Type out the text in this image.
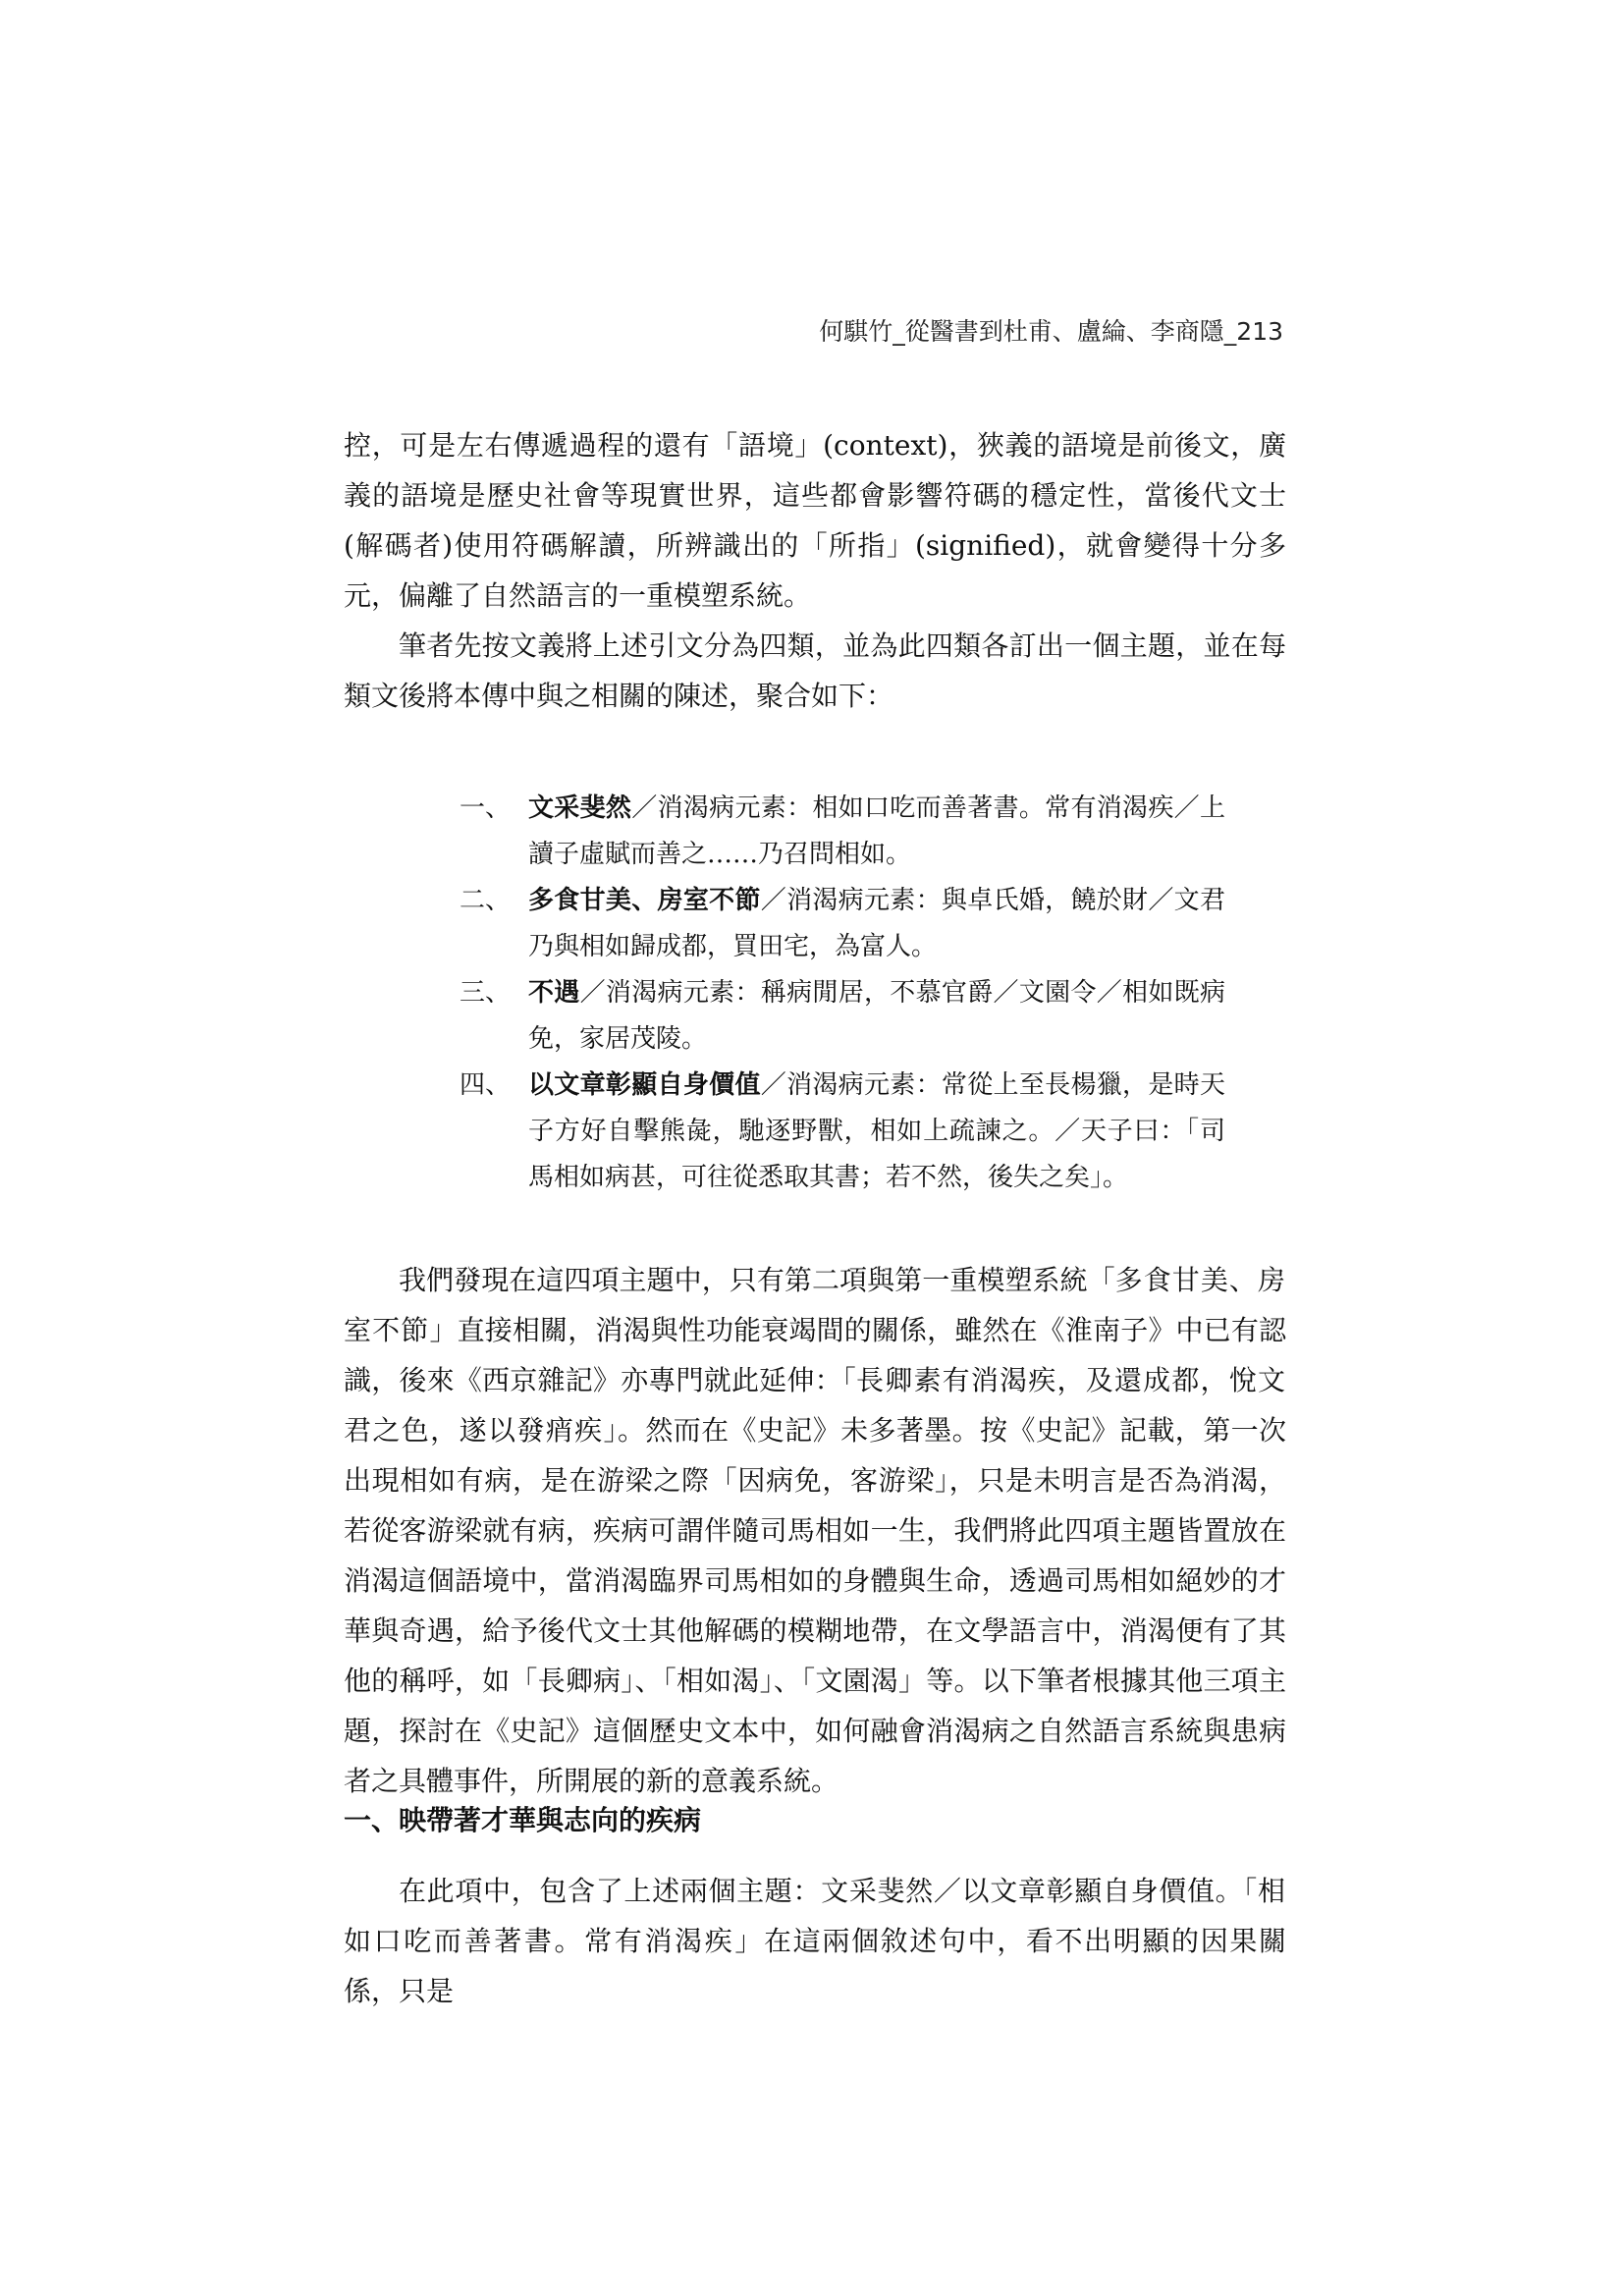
何騏竹_從醫書到杜甫、盧綸、李商隱_213

控，可是左右傳遞過程的還有「語境」(context)，狹義的語境是前後文，廣義的語境是歷史社會等現實世界，這些都會影響符碼的穩定性，當後代文士(解碼者)使用符碼解讀，所辨識出的「所指」(signified)，就會變得十分多元，偏離了自然語言的一重模塑系統。

筆者先按文義將上述引文分為四類，並為此四類各訂出一個主題，並在每類文後將本傳中與之相關的陳述，聚合如下：

一、 文采斐然／消渴病元素：相如口吃而善著書。常有消渴疾／上讀子虛賦而善之……乃召問相如。
二、 多食甘美、房室不節／消渴病元素：與卓氏婚，饒於財／文君乃與相如歸成都，買田宅，為富人。
三、 不遇／消渴病元素：稱病閒居，不慕官爵／文園令／相如既病免，家居茂陵。
四、 以文章彰顯自身價值／消渴病元素：常從上至長楊獵，是時天子方好自擊熊彘，馳逐野獸，相如上疏諫之。／天子曰：「司馬相如病甚，可往從悉取其書；若不然，後失之矣」。

我們發現在這四項主題中，只有第二項與第一重模塑系統「多食甘美、房室不節」直接相關，消渴與性功能衰竭間的關係，雖然在《淮南子》中已有認識，後來《西京雜記》亦專門就此延伸：「長卿素有消渴疾，及還成都，悅文君之色，遂以發痟疾」。然而在《史記》未多著墨。按《史記》記載，第一次出現相如有病，是在游梁之際「因病免，客游梁」，只是未明言是否為消渴，若從客游梁就有病，疾病可謂伴隨司馬相如一生，我們將此四項主題皆置放在消渴這個語境中，當消渴臨界司馬相如的身體與生命，透過司馬相如絕妙的才華與奇遇，給予後代文士其他解碼的模糊地帶，在文學語言中，消渴便有了其他的稱呼，如「長卿病」、「相如渴」、「文園渴」等。以下筆者根據其他三項主題，探討在《史記》這個歷史文本中，如何融會消渴病之自然語言系統與患病者之具體事件，所開展的新的意義系統。

一、映帶著才華與志向的疾病

在此項中，包含了上述兩個主題：文采斐然／以文章彰顯自身價值。「相如口吃而善著書。常有消渴疾」在這兩個敘述句中，看不出明顯的因果關係，只是
